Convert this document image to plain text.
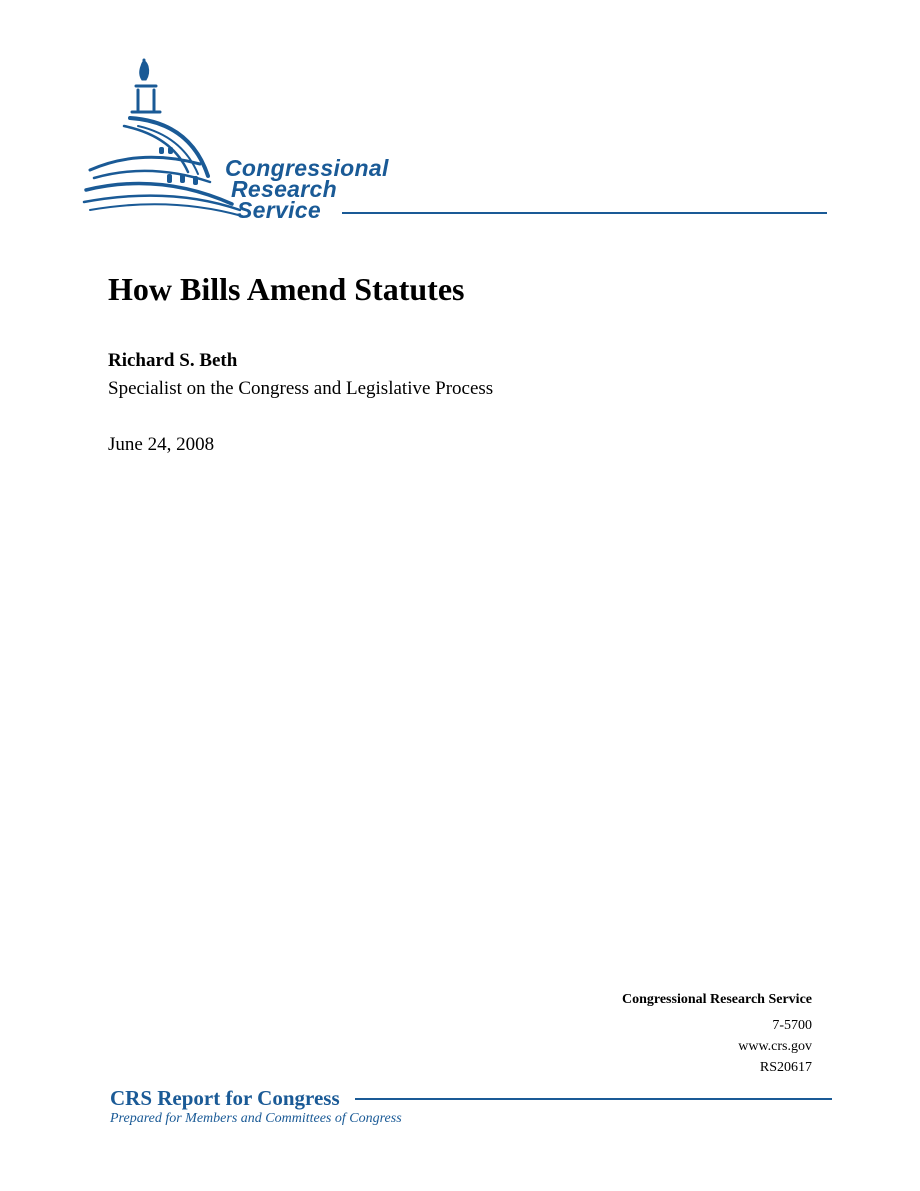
Congressional
Research
Service
How Bills Amend Statutes
Richard S. Beth
Specialist on the Congress and Legislative Process
June 24, 2008
Congressional Research Service
7-5700
www.crs.gov
RS20617
CRS Report for Congress
Prepared for Members and Committees of Congress
